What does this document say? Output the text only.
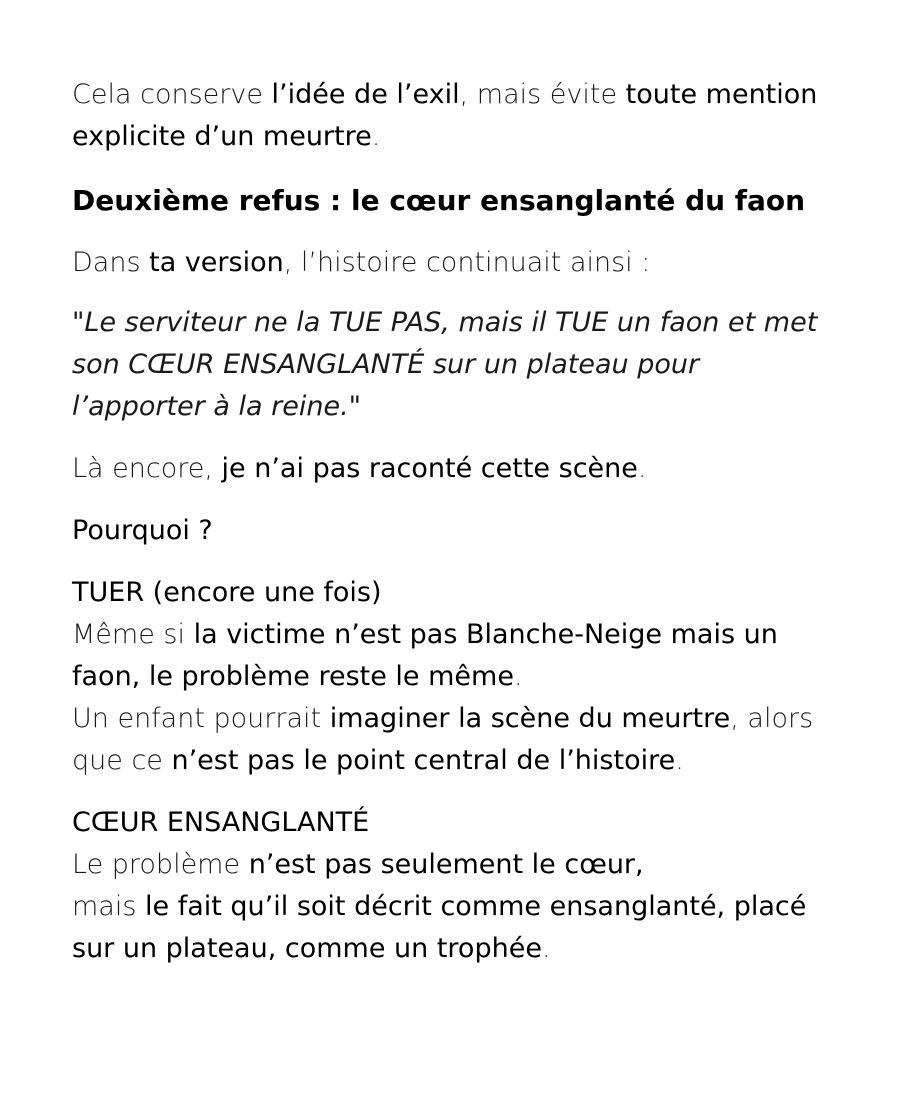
Cela conserve l’idée de l’exil, mais évite toute mention explicite d’un meurtre.

Deuxième refus : le cœur ensanglanté du faon

Dans ta version, l’histoire continuait ainsi :

"Le serviteur ne la TUE PAS, mais il TUE un faon et met son CŒUR ENSANGLANTÉ sur un plateau pour l’apporter à la reine."

Là encore, je n’ai pas raconté cette scène.

Pourquoi ?

TUER (encore une fois)

Même si la victime n’est pas Blanche-Neige mais un faon, le problème reste le même.

Un enfant pourrait imaginer la scène du meurtre, alors que ce n’est pas le point central de l’histoire.

CŒUR ENSANGLANTÉ

Le problème n’est pas seulement le cœur,

mais le fait qu’il soit décrit comme ensanglanté, placé sur un plateau, comme un trophée.
